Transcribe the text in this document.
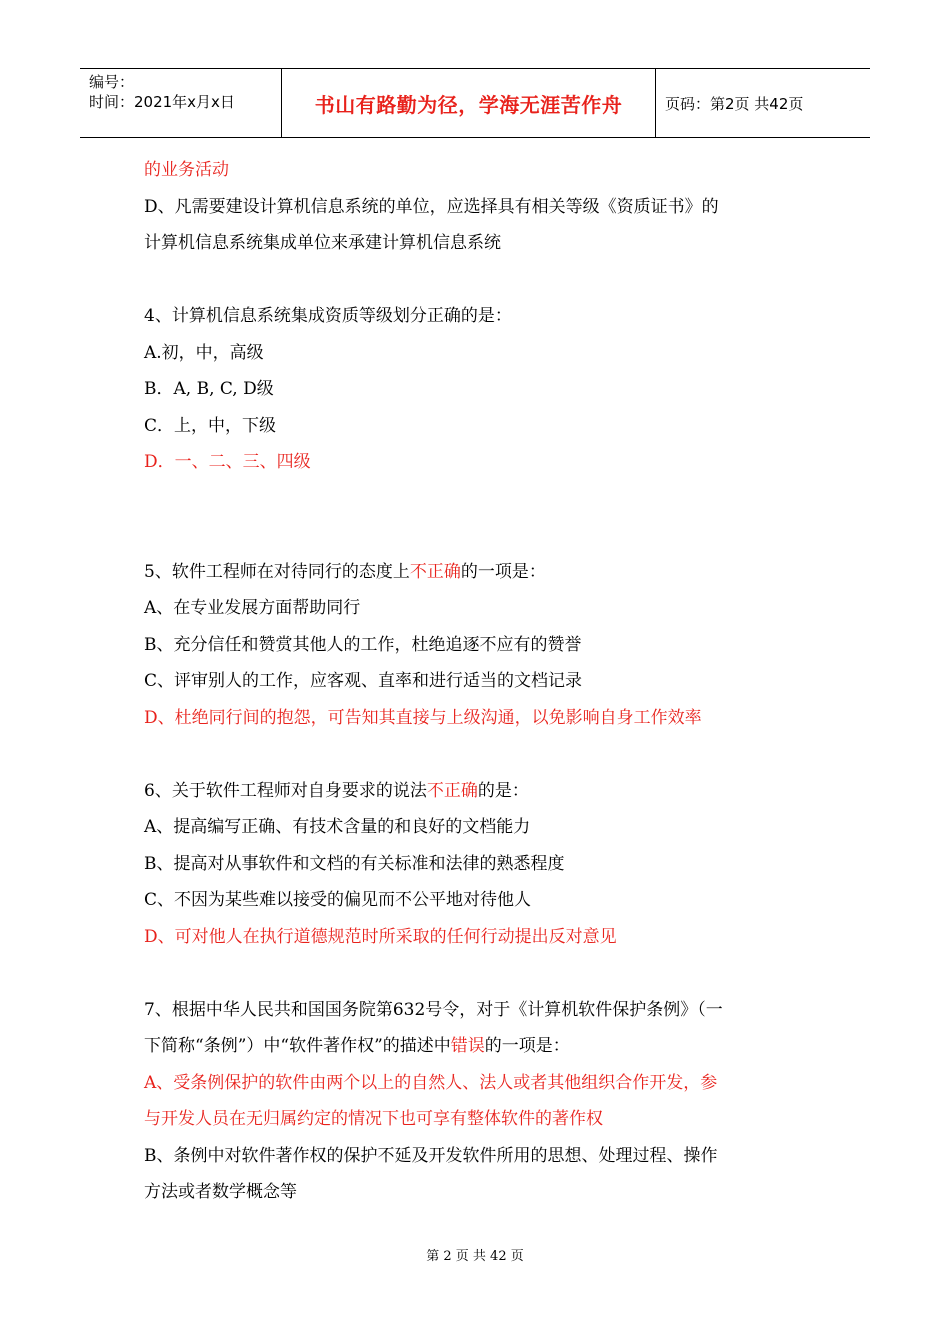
编号：
时间：2021年x月x日	书山有路勤为径，学海无涯苦作舟	页码：第2页 共42页
的业务活动
D、凡需要建设计算机信息系统的单位，应选择具有相关等级《资质证书》的
计算机信息系统集成单位来承建计算机信息系统
4、计算机信息系统集成资质等级划分正确的是：
A.初，中，高级
B．A, B, C, D级
C．上，中，下级
D．一、二、三、四级
5、软件工程师在对待同行的态度上不正确的一项是：
A、在专业发展方面帮助同行
B、充分信任和赞赏其他人的工作，杜绝追逐不应有的赞誉
C、评审别人的工作，应客观、直率和进行适当的文档记录
D、杜绝同行间的抱怨，可告知其直接与上级沟通，以免影响自身工作效率
6、关于软件工程师对自身要求的说法不正确的是：
A、提高编写正确、有技术含量的和良好的文档能力
B、提高对从事软件和文档的有关标准和法律的熟悉程度
C、不因为某些难以接受的偏见而不公平地对待他人
D、可对他人在执行道德规范时所采取的任何行动提出反对意见
7、根据中华人民共和国国务院第632号令，对于《计算机软件保护条例》（一
下简称“条例”）中“软件著作权”的描述中错误的一项是：
A、受条例保护的软件由两个以上的自然人、法人或者其他组织合作开发，参
与开发人员在无归属约定的情况下也可享有整体软件的著作权
B、条例中对软件著作权的保护不延及开发软件所用的思想、处理过程、操作
方法或者数学概念等
第 2 页 共 42 页
